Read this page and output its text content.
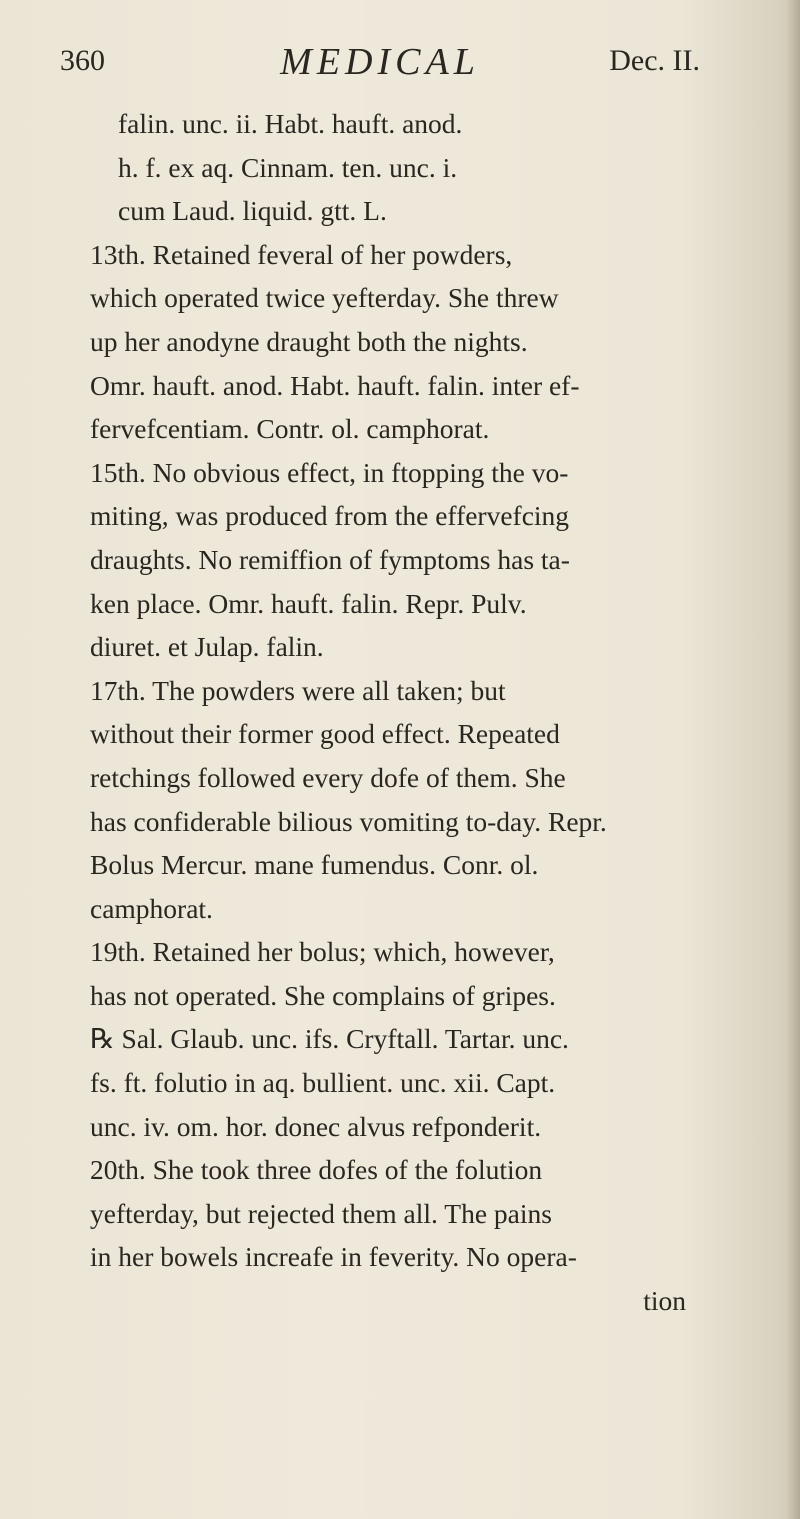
360	MEDICAL	Dec. II.
falin. unc. ii. Habt. hauft. anod.
h. f. ex aq. Cinnam. ten. unc. i.
cum Laud. liquid. gtt. L.
13th. Retained feveral of her powders,
which operated twice yefterday. She threw
up her anodyne draught both the nights.
Omr. hauft. anod. Habt. hauft. falin. inter ef-
fervefcentiam. Contr. ol. camphorat.
15th. No obvious effect, in ftopping the vo-
miting, was produced from the effervefcing
draughts. No remiffion of fymptoms has ta-
ken place. Omr. hauft. falin. Repr. Pulv.
diuret. et Julap. falin.
17th. The powders were all taken; but
without their former good effect. Repeated
retchings followed every dofe of them. She
has confiderable bilious vomiting to-day. Repr.
Bolus Mercur. mane fumendus. Conr. ol.
camphorat.
19th. Retained her bolus; which, however,
has not operated. She complains of gripes.
℞ Sal. Glaub. unc. ifs. Cryftall. Tartar. unc.
fs. ft. folutio in aq. bullient. unc. xii. Capt.
unc. iv. om. hor. donec alvus refponderit.
20th. She took three dofes of the folution
yefterday, but rejected them all. The pains
in her bowels increafe in feverity. No opera-
tion
